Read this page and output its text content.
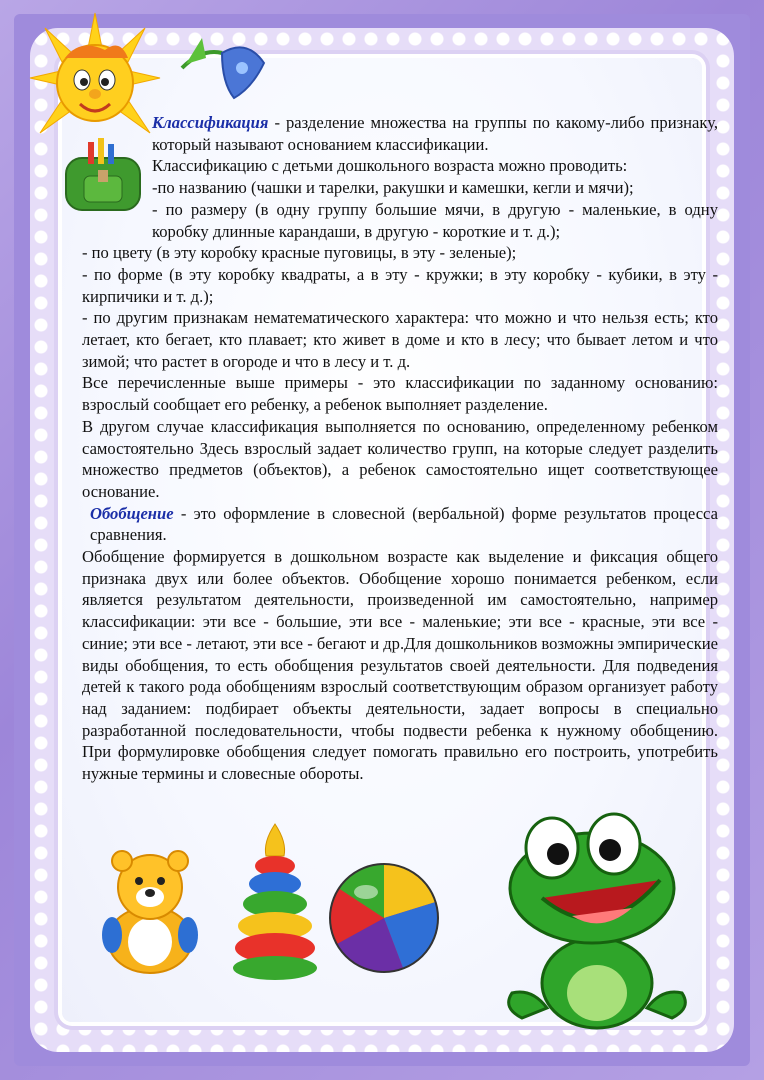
Классификация - разделение множества на группы по какому-либо признаку, который называют основанием классификации.

Классификацию с детьми дошкольного возраста можно проводить:

-по названию (чашки и тарелки, ракушки и камешки, кегли и мячи);

- по размеру (в одну группу большие мячи, в другую - маленькие, в одну коробку длинные карандаши, в другую - короткие и т. д.);

- по цвету (в эту коробку красные пуговицы, в эту - зеленые);

- по форме (в эту коробку квадраты, а в эту - кружки; в эту коробку - кубики, в эту - кирпичики и т. д.);

- по другим признакам нематематического характера: что можно и что нельзя есть; кто летает, кто бегает, кто плавает; кто живет в доме и кто в лесу; что бывает летом и что зимой; что растет в огороде и что в лесу и т. д.

Все перечисленные выше примеры - это классификации по заданному основанию: взрослый сообщает его ребенку, а ребенок выполняет разделение.

В другом случае классификация выполняется по основанию, определенному ребенком самостоятельно Здесь взрослый задает количество групп, на которые следует разделить множество предметов (объектов), а ребенок самостоятельно ищет соответствующее основание.

Обобщение - это оформление в словесной (вербальной) форме результатов процесса сравнения.

Обобщение формируется в дошкольном возрасте как выделение и фиксация общего признака двух или более объектов. Обобщение хорошо понимается ребенком, если является результатом деятельности, произведенной им самостоятельно, например классификации: эти все - большие, эти все - маленькие; эти все - красные, эти все - синие; эти все - летают, эти все - бегают и др.Для дошкольников возможны эмпирические виды обобщения, то есть обобщения результатов своей деятельности. Для подведения детей к такого рода обобщениям взрослый соответствующим образом организует работу над заданием: подбирает объекты деятельности, задает вопросы в специально разработанной последовательности, чтобы подвести ребенка к нужному обобщению. При формулировке обобщения следует помогать правильно его построить, употребить нужные термины и словесные обороты.
